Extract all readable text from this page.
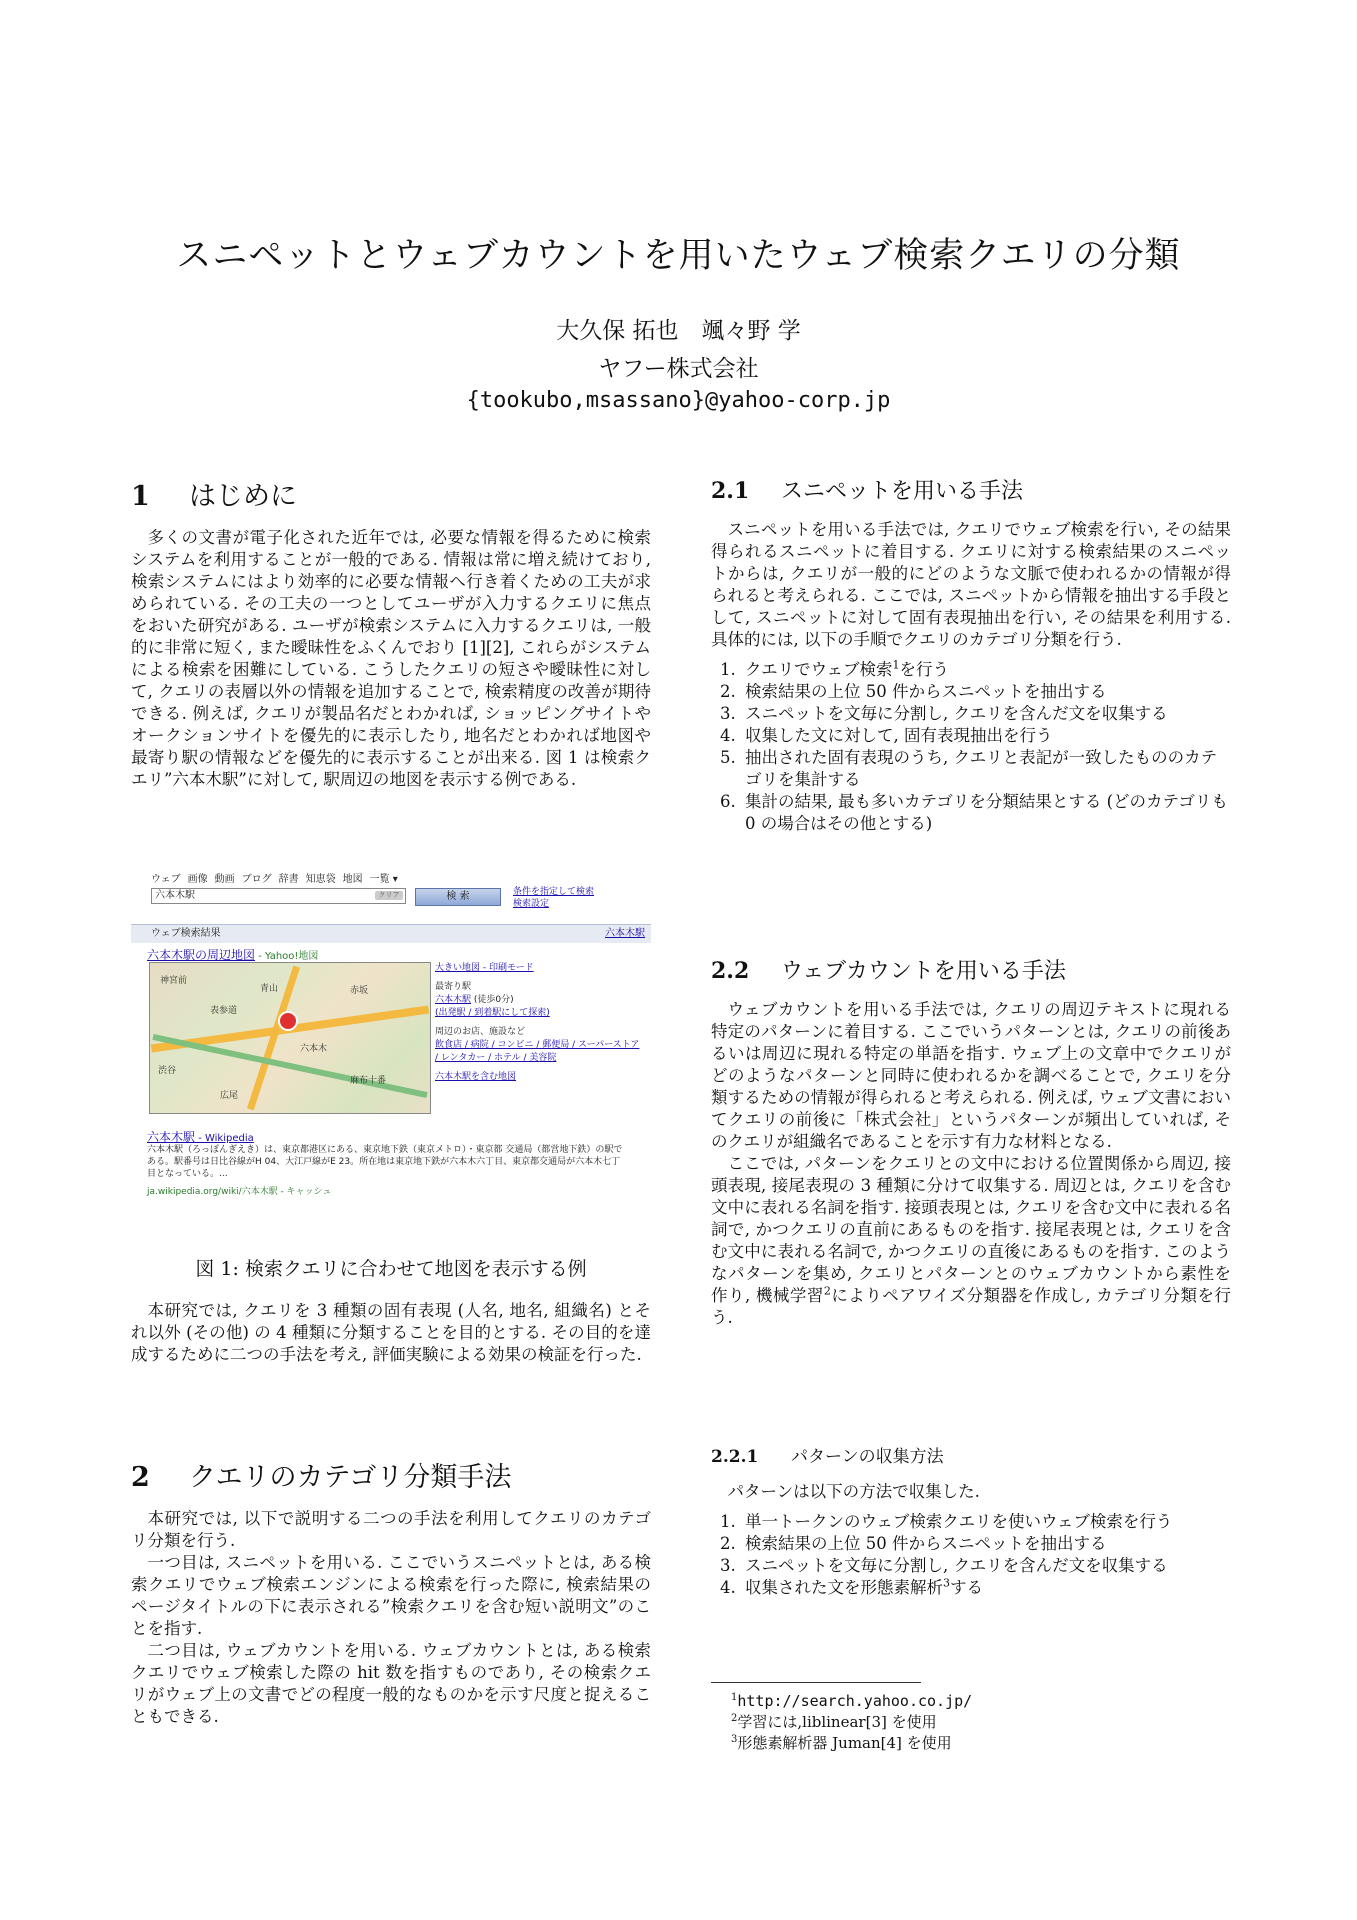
スニペットとウェブカウントを用いたウェブ検索クエリの分類
大久保 拓也　颯々野 学
ヤフー株式会社
{tookubo,msassano}@yahoo-corp.jp
1 はじめに

多くの文書が電子化された近年では, 必要な情報を得るために検索システムを利用することが一般的である. 情報は常に増え続けており, 検索システムにはより効率的に必要な情報へ行き着くための工夫が求められている. その工夫の一つとしてユーザが入力するクエリに焦点をおいた研究がある. ユーザが検索システムに入力するクエリは, 一般的に非常に短く, また曖昧性をふくんでおり [1][2], これらがシステムによる検索を困難にしている. こうしたクエリの短さや曖昧性に対して, クエリの表層以外の情報を追加することで, 検索精度の改善が期待できる. 例えば, クエリが製品名だとわかれば, ショッピングサイトやオークションサイトを優先的に表示したり, 地名だとわかれば地図や最寄り駅の情報などを優先的に表示することが出来る. 図 1 は検索クエリ”六本木駅”に対して, 駅周辺の地図を表示する例である.

ウェブ 画像 動画 ブログ 辞書 知恵袋 地図 一覧 ▾
六本木駅	クリア	検 索	条件を指定して検索
検索設定
ウェブ検索結果	六本木駅
六本木駅の周辺地図 - Yahoo!地図
神宮前
表参道
六本木
渋谷
赤坂
広尾
麻布十番
青山
大きい地図 - 印刷モード
最寄り駅
六本木駅 (徒歩0分)
(出発駅 / 到着駅にして探索)
周辺のお店、施設など
飲食店 / 病院 / コンビニ / 郵便局 / スーパーストア / レンタカー / ホテル / 美容院
六本木駅を含む地図
六本木駅 - Wikipedia
六本木駅（ろっぽんぎえき）は、東京都港区にある、東京地下鉄（東京メトロ）・東京都 交通局（都営地下鉄）の駅である。駅番号は日比谷線がH 04、大江戸線がE 23。所在地は東京地下鉄が六本木六丁目、東京都交通局が六本木七丁目となっている。...
ja.wikipedia.org/wiki/六本木駅 - キャッシュ
図 1: 検索クエリに合わせて地図を表示する例

本研究では, クエリを 3 種類の固有表現 (人名, 地名, 組織名) とそれ以外 (その他) の 4 種類に分類することを目的とする. その目的を達成するために二つの手法を考え, 評価実験による効果の検証を行った.

2 クエリのカテゴリ分類手法

本研究では, 以下で説明する二つの手法を利用してクエリのカテゴリ分類を行う.

一つ目は, スニペットを用いる. ここでいうスニペットとは, ある検索クエリでウェブ検索エンジンによる検索を行った際に, 検索結果のページタイトルの下に表示される”検索クエリを含む短い説明文”のことを指す.

二つ目は, ウェブカウントを用いる. ウェブカウントとは, ある検索クエリでウェブ検索した際の hit 数を指すものであり, その検索クエリがウェブ上の文書でどの程度一般的なものかを示す尺度と捉えることもできる.

2.1 スニペットを用いる手法

スニペットを用いる手法では, クエリでウェブ検索を行い, その結果得られるスニペットに着目する. クエリに対する検索結果のスニペットからは, クエリが一般的にどのような文脈で使われるかの情報が得られると考えられる. ここでは, スニペットから情報を抽出する手段として, スニペットに対して固有表現抽出を行い, その結果を利用する. 具体的には, 以下の手順でクエリのカテゴリ分類を行う.

1. クエリでウェブ検索$^1$を行う
2. 検索結果の上位 50 件からスニペットを抽出する
3. スニペットを文毎に分割し, クエリを含んだ文を収集する
4. 収集した文に対して, 固有表現抽出を行う
5. 抽出された固有表現のうち, クエリと表記が一致したもののカテゴリを集計する
6. 集計の結果, 最も多いカテゴリを分類結果とする (どのカテゴリも 0 の場合はその他とする)
2.2 ウェブカウントを用いる手法

ウェブカウントを用いる手法では, クエリの周辺テキストに現れる特定のパターンに着目する. ここでいうパターンとは, クエリの前後あるいは周辺に現れる特定の単語を指す. ウェブ上の文章中でクエリがどのようなパターンと同時に使われるかを調べることで, クエリを分類するための情報が得られると考えられる. 例えば, ウェブ文書においてクエリの前後に「株式会社」というパターンが頻出していれば, そのクエリが組織名であることを示す有力な材料となる.

ここでは, パターンをクエリとの文中における位置関係から周辺, 接頭表現, 接尾表現の 3 種類に分けて収集する. 周辺とは, クエリを含む文中に表れる名詞を指す. 接頭表現とは, クエリを含む文中に表れる名詞で, かつクエリの直前にあるものを指す. 接尾表現とは, クエリを含む文中に表れる名詞で, かつクエリの直後にあるものを指す. このようなパターンを集め, クエリとパターンとのウェブカウントから素性を作り, 機械学習$^2$によりペアワイズ分類器を作成し, カテゴリ分類を行う.

2.2.1 パターンの収集方法

パターンは以下の方法で収集した.

1. 単一トークンのウェブ検索クエリを使いウェブ検索を行う
2. 検索結果の上位 50 件からスニペットを抽出する
3. スニペットを文毎に分割し, クエリを含んだ文を収集する
4. 収集された文を形態素解析$^3$する
$^1$http://search.yahoo.co.jp/
$^2$学習には,liblinear[3] を使用
$^3$形態素解析器 Juman[4] を使用
